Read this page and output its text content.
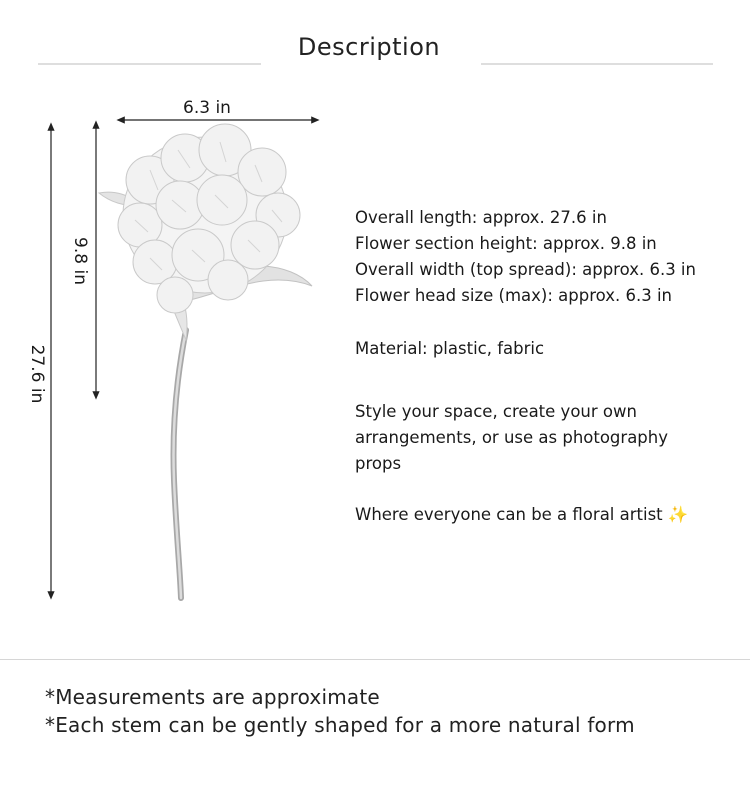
Description
6.3 in
9.8 in
27.6 in
Overall length: approx. 27.6 in
Flower section height: approx. 9.8 in
Overall width (top spread): approx. 6.3 in
Flower head size (max): approx. 6.3 in
Material: plastic, fabric
Style your space, create your own
arrangements, or use as photography
props
Where everyone can be a floral artist ✨
*Measurements are approximate
*Each stem can be gently shaped for a more natural form
